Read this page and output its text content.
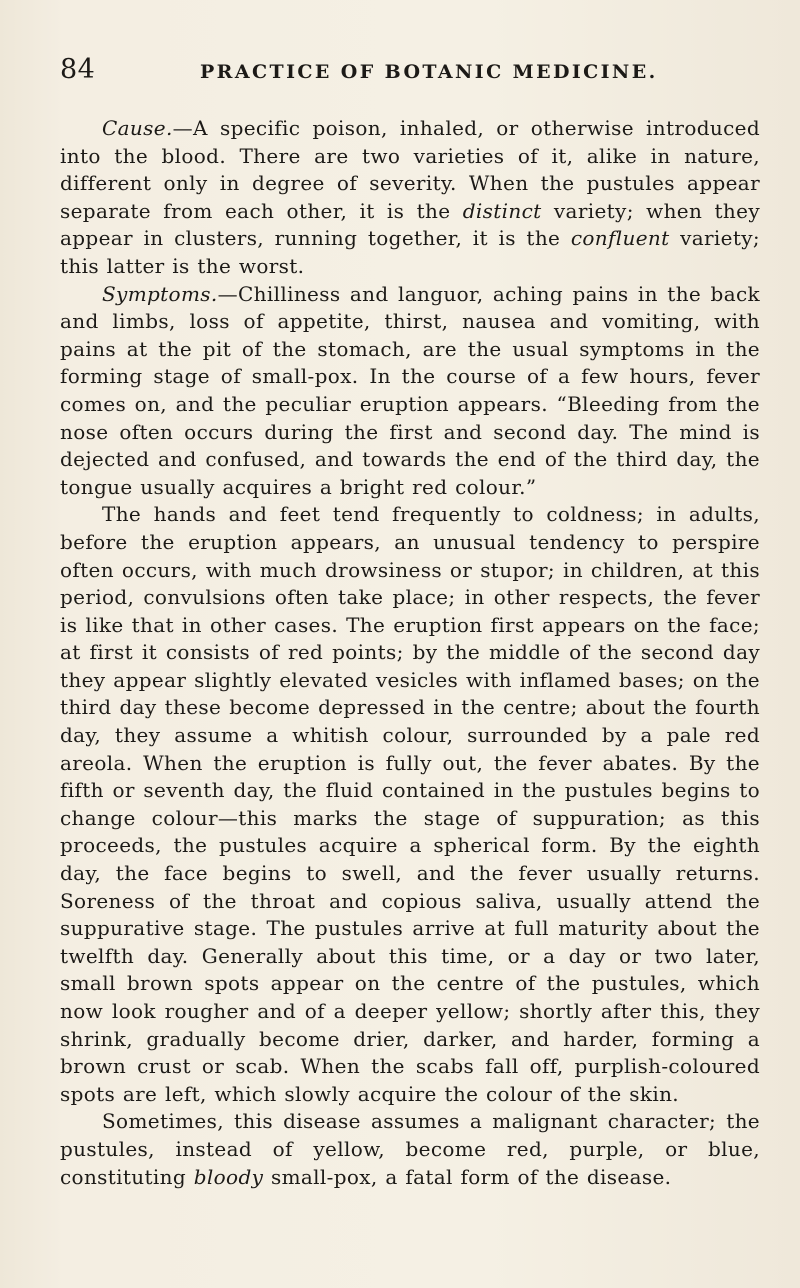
84	PRACTICE OF BOTANIC MEDICINE.

Cause.—A specific poison, inhaled, or otherwise introduced into the blood. There are two varieties of it, alike in nature, different only in degree of severity. When the pustules appear separate from each other, it is the distinct variety; when they appear in clusters, running together, it is the confluent variety; this latter is the worst.

Symptoms.—Chilliness and languor, aching pains in the back and limbs, loss of appetite, thirst, nausea and vomiting, with pains at the pit of the stomach, are the usual symptoms in the forming stage of small-pox. In the course of a few hours, fever comes on, and the peculiar eruption appears. “Bleeding from the nose often occurs during the first and second day. The mind is dejected and confused, and towards the end of the third day, the tongue usually acquires a bright red colour.”

The hands and feet tend frequently to coldness; in adults, before the eruption appears, an unusual tendency to perspire often occurs, with much drowsiness or stupor; in children, at this period, convulsions often take place; in other respects, the fever is like that in other cases. The eruption first appears on the face; at first it consists of red points; by the middle of the second day they appear slightly elevated vesicles with inflamed bases; on the third day these become depressed in the centre; about the fourth day, they assume a whitish colour, surrounded by a pale red areola. When the eruption is fully out, the fever abates. By the fifth or seventh day, the fluid contained in the pustules begins to change colour—this marks the stage of suppuration; as this proceeds, the pustules acquire a spherical form. By the eighth day, the face begins to swell, and the fever usually returns. Soreness of the throat and copious saliva, usually attend the suppurative stage. The pustules arrive at full maturity about the twelfth day. Generally about this time, or a day or two later, small brown spots appear on the centre of the pustules, which now look rougher and of a deeper yellow; shortly after this, they shrink, gradually become drier, darker, and harder, forming a brown crust or scab. When the scabs fall off, purplish-coloured spots are left, which slowly acquire the colour of the skin.

Sometimes, this disease assumes a malignant character; the pustules, instead of yellow, become red, purple, or blue, constituting bloody small-pox, a fatal form of the disease.
